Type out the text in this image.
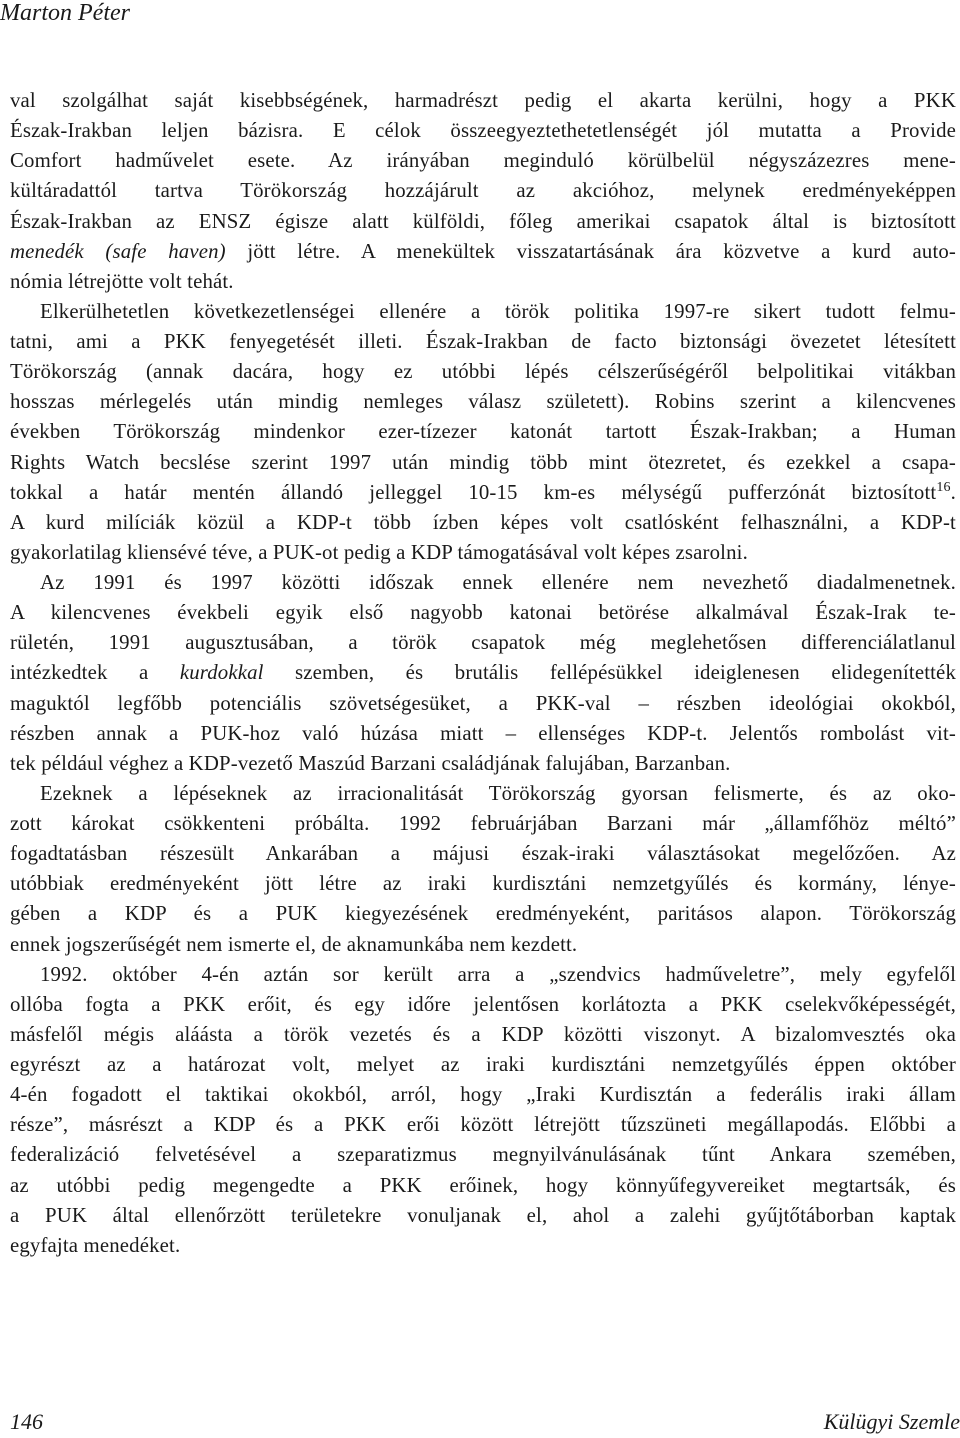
Marton Péter
val szolgálhat saját kisebbségének, harmadrészt pedig el akarta kerülni, hogy a PKK
Észak-Irakban leljen bázisra. E célok összeegyeztethetetlenségét jól mutatta a Provide
Comfort hadművelet esete. Az irányában meginduló körülbelül négyszázezres mene-
kültáradattól tartva Törökország hozzájárult az akcióhoz, melynek eredményeképpen
Észak-Irakban az ENSZ égisze alatt külföldi, főleg amerikai csapatok által is biztosított
menedék (safe haven) jött létre. A menekültek visszatartásának ára közvetve a kurd auto-
nómia létrejötte volt tehát.
Elkerülhetetlen következetlenségei ellenére a török politika 1997-re sikert tudott felmu-
tatni, ami a PKK fenyegetését illeti. Észak-Irakban de facto biztonsági övezetet létesített
Törökország (annak dacára, hogy ez utóbbi lépés célszerűségéről belpolitikai vitákban
hosszas mérlegelés után mindig nemleges válasz született). Robins szerint a kilencvenes
években Törökország mindenkor ezer-tízezer katonát tartott Észak-Irakban; a Human
Rights Watch becslése szerint 1997 után mindig több mint ötezretet, és ezekkel a csapa-
tokkal a határ mentén állandó jelleggel 10-15 km-es mélységű pufferzónát biztosított$^{16}$.
A kurd milíciák közül a KDP-t több ízben képes volt csatlósként felhasználni, a KDP-t
gyakorlatilag kliensévé téve, a PUK-ot pedig a KDP támogatásával volt képes zsarolni.
Az 1991 és 1997 közötti időszak ennek ellenére nem nevezhető diadalmenetnek.
A kilencvenes évekbeli egyik első nagyobb katonai betörése alkalmával Észak-Irak te-
rületén, 1991 augusztusában, a török csapatok még meglehetősen differenciálatlanul
intézkedtek a kurdokkal szemben, és brutális fellépésükkel ideiglenesen elidegenítették
maguktól legfőbb potenciális szövetségesüket, a PKK-val – részben ideológiai okokból,
részben annak a PUK-hoz való húzása miatt – ellenséges KDP-t. Jelentős rombolást vit-
tek például véghez a KDP-vezető Maszúd Barzani családjának falujában, Barzanban.
Ezeknek a lépéseknek az irracionalitását Törökország gyorsan felismerte, és az oko-
zott károkat csökkenteni próbálta. 1992 februárjában Barzani már „államfőhöz méltó”
fogadtatásban részesült Ankarában a májusi észak-iraki választásokat megelőzően. Az
utóbbiak eredményeként jött létre az iraki kurdisztáni nemzetgyűlés és kormány, lénye-
gében a KDP és a PUK kiegyezésének eredményeként, paritásos alapon. Törökország
ennek jogszerűségét nem ismerte el, de aknamunkába nem kezdett.
1992. október 4-én aztán sor került arra a „szendvics hadműveletre”, mely egyfelől
ollóba fogta a PKK erőit, és egy időre jelentősen korlátozta a PKK cselekvőképességét,
másfelől mégis aláásta a török vezetés és a KDP közötti viszonyt. A bizalomvesztés oka
egyrészt az a határozat volt, melyet az iraki kurdisztáni nemzetgyűlés éppen október
4-én fogadott el taktikai okokból, arról, hogy „Iraki Kurdisztán a federális iraki állam
része”, másrészt a KDP és a PKK erői között létrejött tűzszüneti megállapodás. Előbbi a
federalizáció felvetésével a szeparatizmus megnyilvánulásának tűnt Ankara szemében,
az utóbbi pedig megengedte a PKK erőinek, hogy könnyűfegyvereiket megtartsák, és
a PUK által ellenőrzött területekre vonuljanak el, ahol a zalehi gyűjtőtáborban kaptak
egyfajta menedéket.
146	Külügyi Szemle
